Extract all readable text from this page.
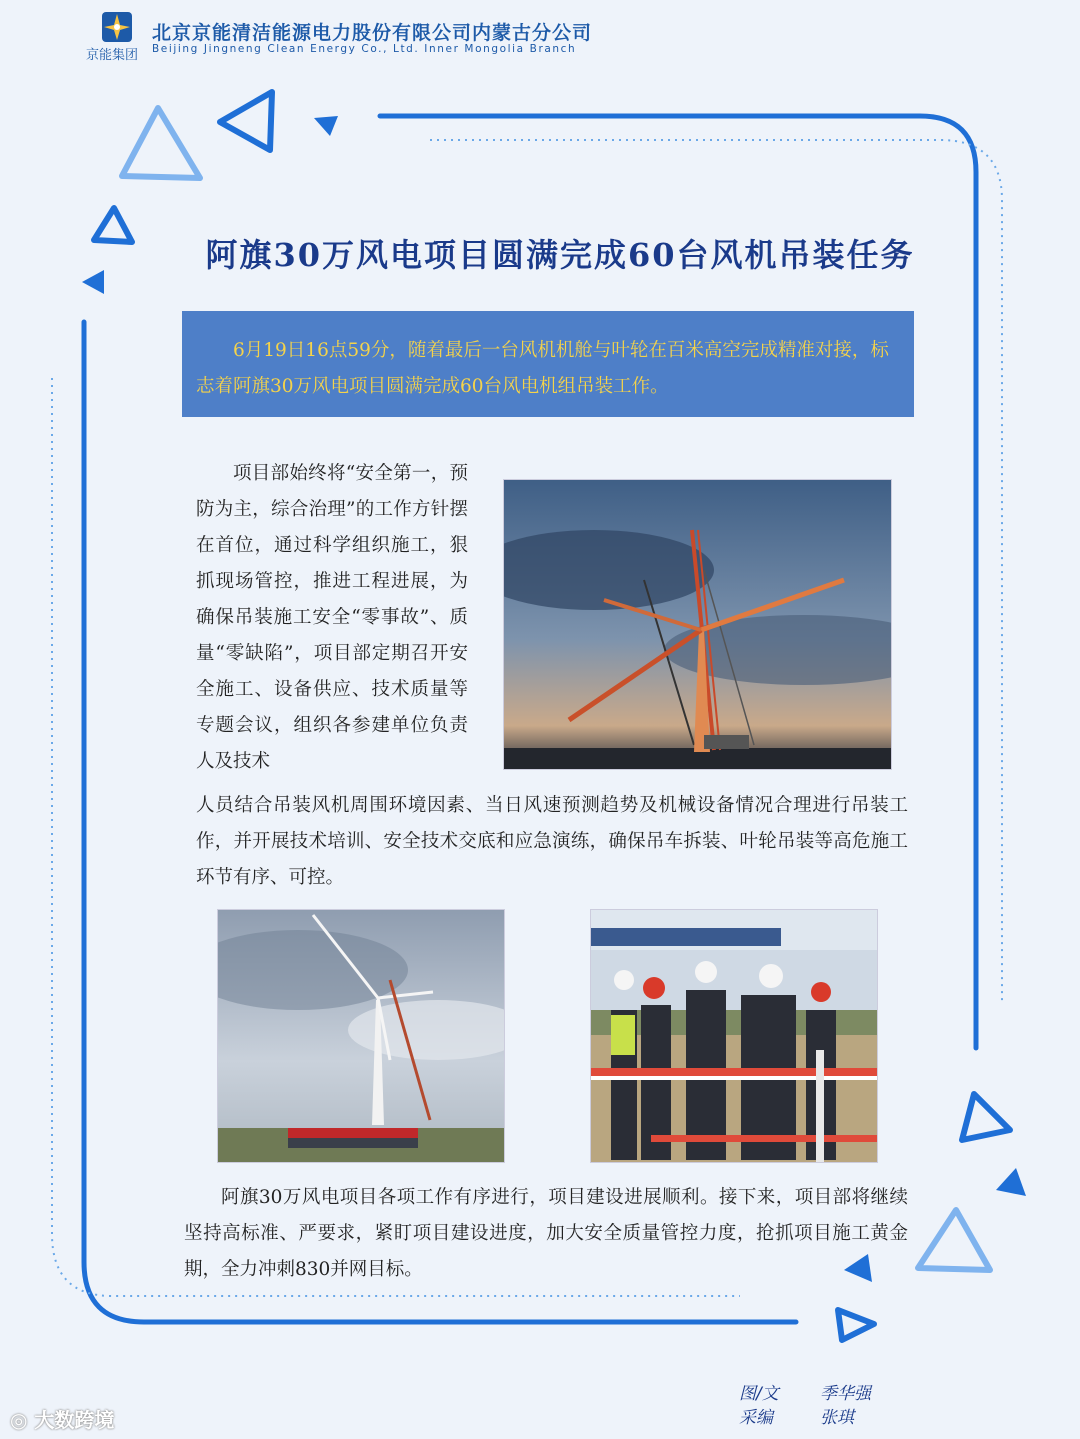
京能集团
北京京能清洁能源电力股份有限公司内蒙古分公司
Beijing Jingneng Clean Energy Co., Ltd. Inner Mongolia Branch
阿旗30万风电项目圆满完成60台风机吊装任务

6月19日16点59分，随着最后一台风机机舱与叶轮在百米高空完成精准对接，标志着阿旗30万风电项目圆满完成60台风电机组吊装工作。

项目部始终将“安全第一，预防为主，综合治理”的工作方针摆在首位，通过科学组织施工，狠抓现场管控，推进工程进展，为确保吊装施工安全“零事故”、质量“零缺陷”，项目部定期召开安全施工、设备供应、技术质量等专题会议，组织各参建单位负责人及技术

人员结合吊装风机周围环境因素、当日风速预测趋势及机械设备情况合理进行吊装工作，并开展技术培训、安全技术交底和应急演练，确保吊车拆装、叶轮吊装等高危施工环节有序、可控。

阿旗30万风电项目各项工作有序进行，项目建设进展顺利。接下来，项目部将继续坚持高标准、严要求，紧盯项目建设进度，加大安全质量管控力度，抢抓项目施工黄金期，全力冲刺830并网目标。

图/文 季华强
采编	张琪
◎ 大数跨境
